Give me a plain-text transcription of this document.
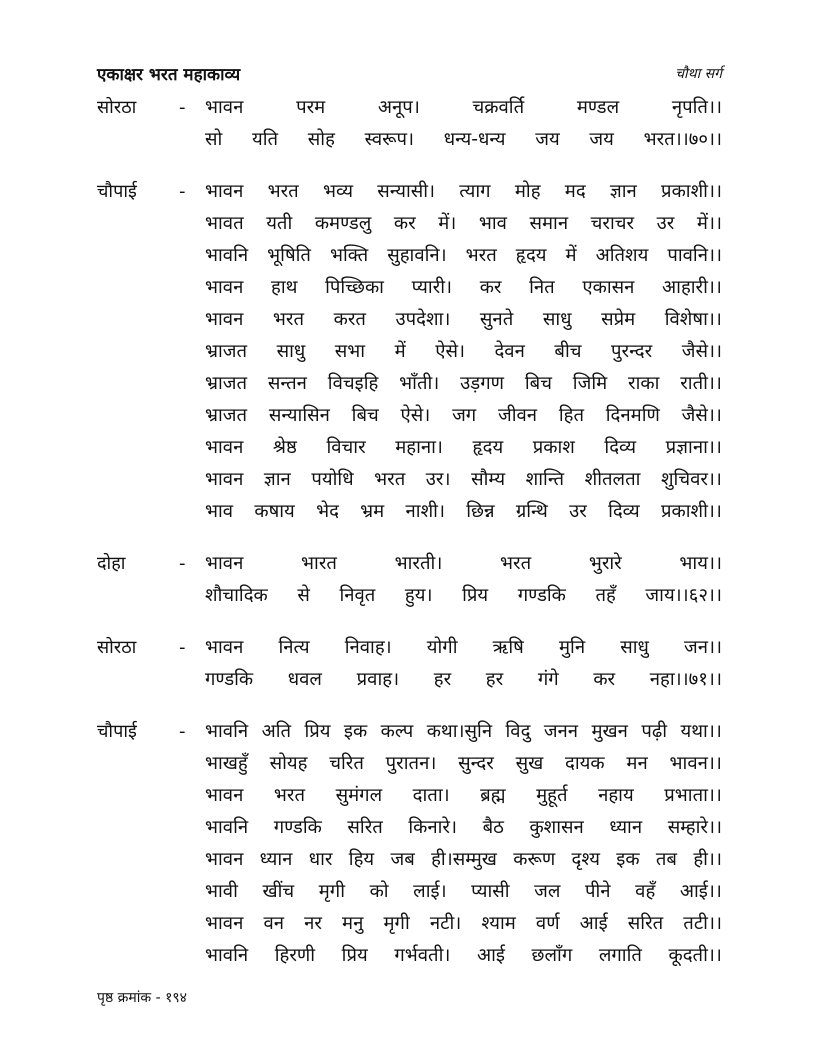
एकाक्षर भरत महाकाव्य	चौथा सर्ग
सोरठा	- भावन	परम	अनूप।	चक्रवर्ति	मण्डल	नृपति।।
सो यति सोह स्वरूप। धन्य-धन्य जय जय भरत।।७०।।
चौपाई	- भावन भरत भव्य सन्यासी। त्याग मोह मद ज्ञान प्रकाशी।।
भावत यती कमण्डलु कर में। भाव समान चराचर उर में।।
भावनि भूषिति भक्ति सुहावनि। भरत हृदय में अतिशय पावनि।।
भावन हाथ पिच्छिका प्यारी। कर नित एकासन आहारी।।
भावन भरत करत उपदेशा। सुनते साधु सप्रेम विशेषा।।
भ्राजत साधु सभा में ऐसे। देवन बीच पुरन्दर जैसे।।
भ्राजत सन्तन विचइहि भाँती। उड़गण बिच जिमि राका राती।।
भ्राजत सन्यासिन बिच ऐसे। जग जीवन हित दिनमणि जैसे।।
भावन श्रेष्ठ विचार महाना। हृदय प्रकाश दिव्य प्रज्ञाना।।
भावन ज्ञान पयोधि भरत उर। सौम्य शान्ति शीतलता शुचिवर।।
भाव कषाय भेद भ्रम नाशी। छिन्न ग्रन्थि उर दिव्य प्रकाशी।।
दोहा	- भावन	भारत	भारती।	भरत	भुरारे	भाय।।
शौचादिक से निवृत हुय। प्रिय गण्डकि तहँ जाय।।६२।।
सोरठा	- भावन नित्य निवाह। योगी ऋषि मुनि साधु जन।।
गण्डकि धवल प्रवाह। हर हर गंगे कर नहा।।७१।।
चौपाई	- भावनि अति प्रिय इक कल्प कथा।सुनि विदु जनन मुखन पढ़ी यथा।।
भाखहुँ सोयह चरित पुरातन। सुन्दर सुख दायक मन भावन।।
भावन भरत सुमंगल दाता। ब्रह्म मुहूर्त नहाय प्रभाता।।
भावनि गण्डकि सरित किनारे। बैठ कुशासन ध्यान सम्हारे।।
भावन ध्यान धार हिय जब ही।सम्मुख करूण दृश्य इक तब ही।।
भावी खींच मृगी को लाई। प्यासी जल पीने वहँ आई।।
भावन वन नर मनु मृगी नटी। श्याम वर्ण आई सरित तटी।।
भावनि हिरणी प्रिय गर्भवती। आई छलाँग लगाति कूदती।।
पृष्ठ क्रमांक - १९४
